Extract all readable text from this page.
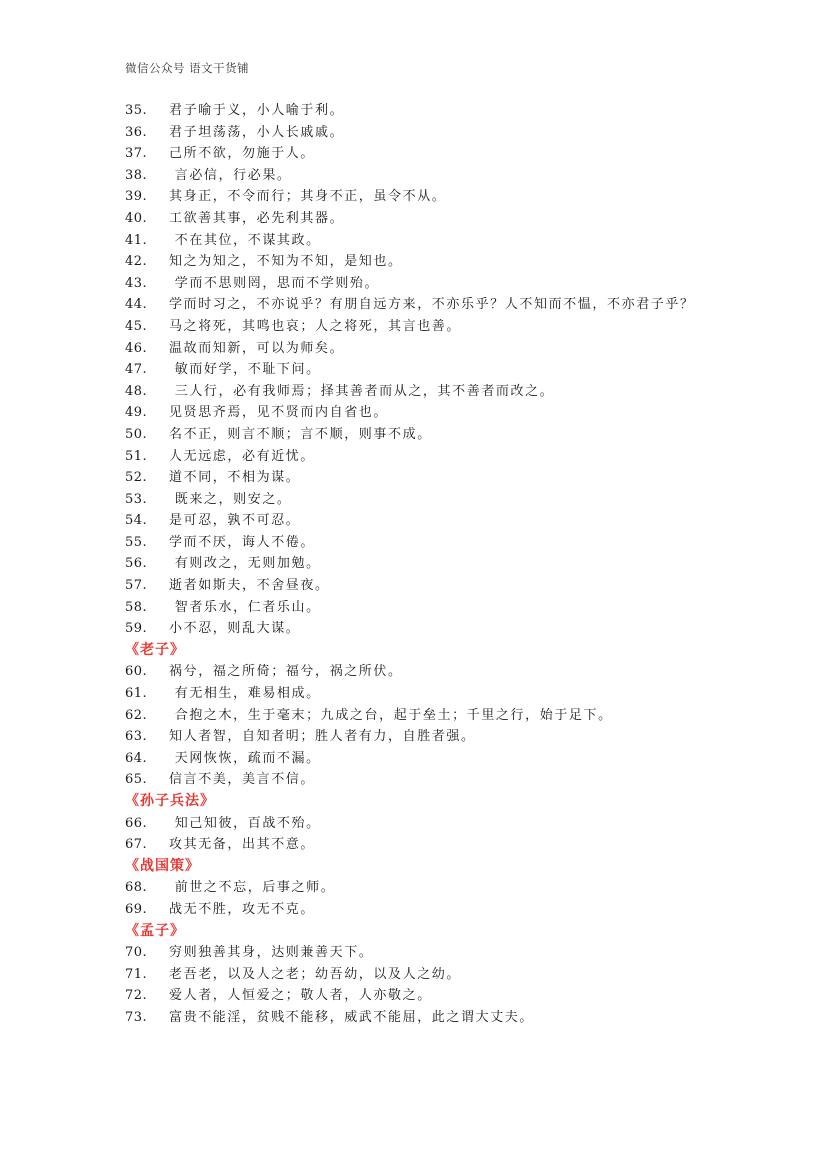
微信公众号 语文干货铺
35. 君子喻于义，小人喻于利。
36. 君子坦荡荡，小人长戚戚。
37. 己所不欲，勿施于人。
38. 言必信，行必果。
39. 其身正，不令而行；其身不正，虽令不从。
40. 工欲善其事，必先利其器。
41. 不在其位，不谋其政。
42. 知之为知之，不知为不知，是知也。
43. 学而不思则罔，思而不学则殆。
44. 学而时习之，不亦说乎？有朋自远方来，不亦乐乎？人不知而不愠，不亦君子乎？
45. 马之将死，其鸣也哀；人之将死，其言也善。
46. 温故而知新，可以为师矣。
47. 敏而好学，不耻下问。
48. 三人行，必有我师焉；择其善者而从之，其不善者而改之。
49. 见贤思齐焉，见不贤而内自省也。
50. 名不正，则言不顺；言不顺，则事不成。
51. 人无远虑，必有近忧。
52. 道不同，不相为谋。
53. 既来之，则安之。
54. 是可忍，孰不可忍。
55. 学而不厌，诲人不倦。
56. 有则改之，无则加勉。
57. 逝者如斯夫，不舍昼夜。
58. 智者乐水，仁者乐山。
59. 小不忍，则乱大谋。
《老子》
60. 祸兮，福之所倚；福兮，祸之所伏。
61. 有无相生，难易相成。
62. 合抱之木，生于毫末；九成之台，起于垒土；千里之行，始于足下。
63. 知人者智，自知者明；胜人者有力，自胜者强。
64. 天网恢恢，疏而不漏。
65. 信言不美，美言不信。
《孙子兵法》
66. 知己知彼，百战不殆。
67. 攻其无备，出其不意。
《战国策》
68. 前世之不忘，后事之师。
69. 战无不胜，攻无不克。
《孟子》
70. 穷则独善其身，达则兼善天下。
71. 老吾老，以及人之老；幼吾幼，以及人之幼。
72. 爱人者，人恒爱之；敬人者，人亦敬之。
73. 富贵不能淫，贫贱不能移，威武不能屈，此之谓大丈夫。
